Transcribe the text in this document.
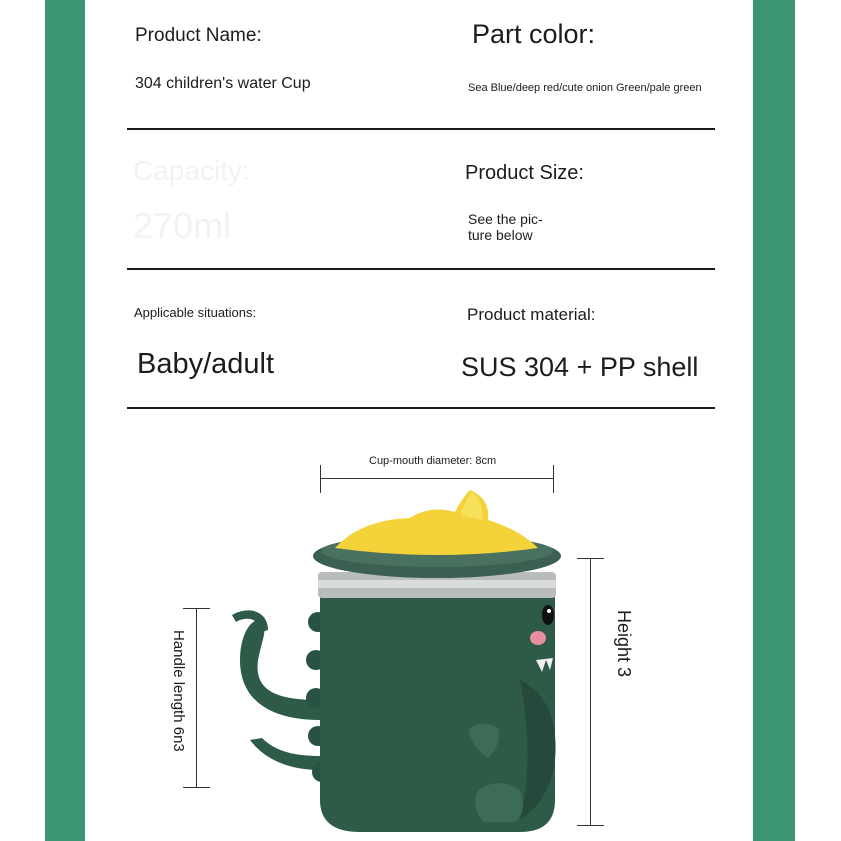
Product Name:
304 children's water Cup
Part color:
Sea Blue/deep red/cute onion Green/pale green
Capacity:
270ml
Product Size:
See the pic-
ture below
Applicable situations:
Baby/adult
Product material:
SUS 304 + PP shell
Cup-mouth diameter: 8cm
Height 3
Handle length 6n3
